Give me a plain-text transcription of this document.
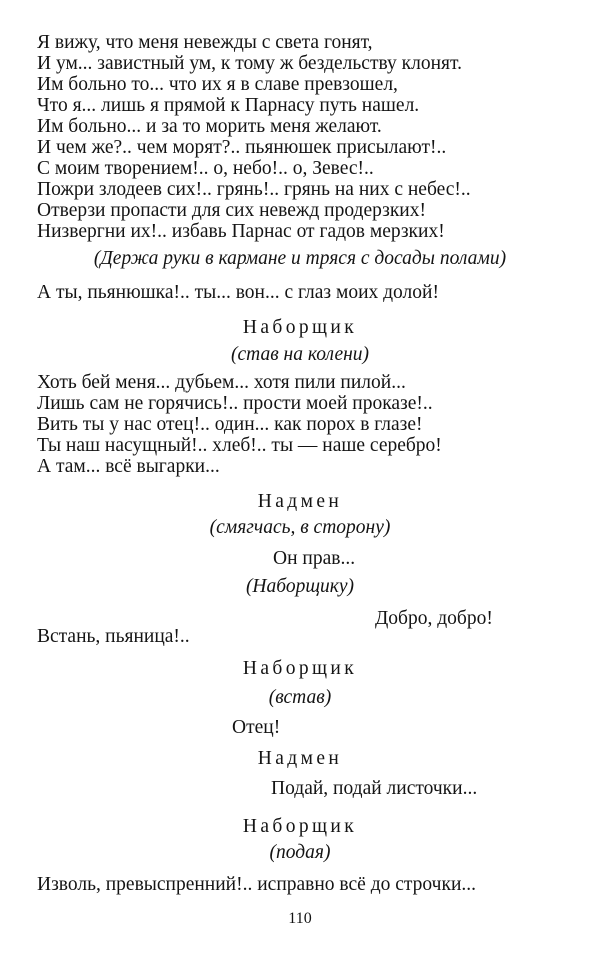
Я вижу, что меня невежды с света гонят,
И ум... завистный ум, к тому ж бездельству клонят.
Им больно то... что их я в славе превзошел,
Что я... лишь я прямой к Парнасу путь нашел.
Им больно... и за то морить меня желают.
И чем же?.. чем морят?.. пьянюшек присылают!..
С моим творением!.. о, небо!.. о, Зевес!..
Пожри злодеев сих!.. грянь!.. грянь на них с небес!..
Отверзи пропасти для сих невежд продерзких!
Низвергни их!.. избавь Парнас от гадов мерзких!
(Держа руки в кармане и тряся с досады полами)
А ты, пьянюшка!.. ты... вон... с глаз моих долой!
Наборщик
(став на колени)
Хоть бей меня... дубьем... хотя пили пилой...
Лишь сам не горячись!.. прости моей проказе!..
Вить ты у нас отец!.. один... как порох в глазе!
Ты наш насущный!.. хлеб!.. ты — наше серебро!
А там... всё выгарки...
Надмен
(смягчась, в сторону)
Он прав...
(Наборщику)
Добро, добро!
Встань, пьяница!..
Наборщик
(встав)
Отец!
Надмен
Подай, подай листочки...
Наборщик
(подая)
Изволь, превыспренний!.. исправно всё до строчки...
110
